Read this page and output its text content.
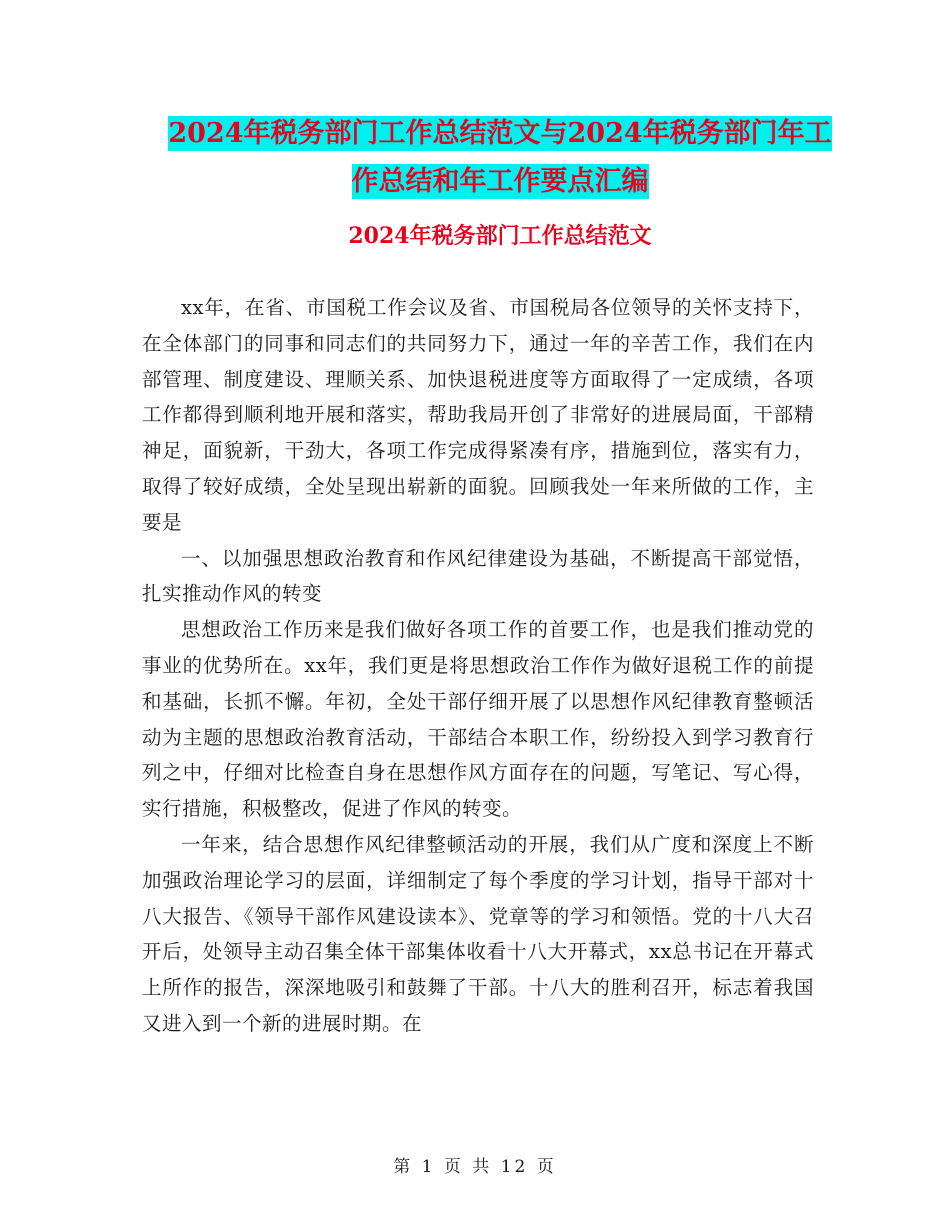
2024年税务部门工作总结范文与2024年税务部门年工
作总结和年工作要点汇编
2024年税务部门工作总结范文

xx年，在省、市国税工作会议及省、市国税局各位领导的关怀支持下，在全体部门的同事和同志们的共同努力下，通过一年的辛苦工作，我们在内部管理、制度建设、理顺关系、加快退税进度等方面取得了一定成绩，各项工作都得到顺利地开展和落实，帮助我局开创了非常好的进展局面，干部精神足，面貌新，干劲大，各项工作完成得紧凑有序，措施到位，落实有力，取得了较好成绩，全处呈现出崭新的面貌。回顾我处一年来所做的工作，主要是

一、以加强思想政治教育和作风纪律建设为基础，不断提高干部觉悟，扎实推动作风的转变

思想政治工作历来是我们做好各项工作的首要工作，也是我们推动党的事业的优势所在。xx年，我们更是将思想政治工作作为做好退税工作的前提和基础，长抓不懈。年初，全处干部仔细开展了以思想作风纪律教育整顿活动为主题的思想政治教育活动，干部结合本职工作，纷纷投入到学习教育行列之中，仔细对比检查自身在思想作风方面存在的问题，写笔记、写心得，实行措施，积极整改，促进了作风的转变。

一年来，结合思想作风纪律整顿活动的开展，我们从广度和深度上不断加强政治理论学习的层面，详细制定了每个季度的学习计划，指导干部对十八大报告、《领导干部作风建设读本》、党章等的学习和领悟。党的十八大召开后，处领导主动召集全体干部集体收看十八大开幕式，xx总书记在开幕式上所作的报告，深深地吸引和鼓舞了干部。十八大的胜利召开，标志着我国又进入到一个新的进展时期。在

第 1 页 共 12 页
